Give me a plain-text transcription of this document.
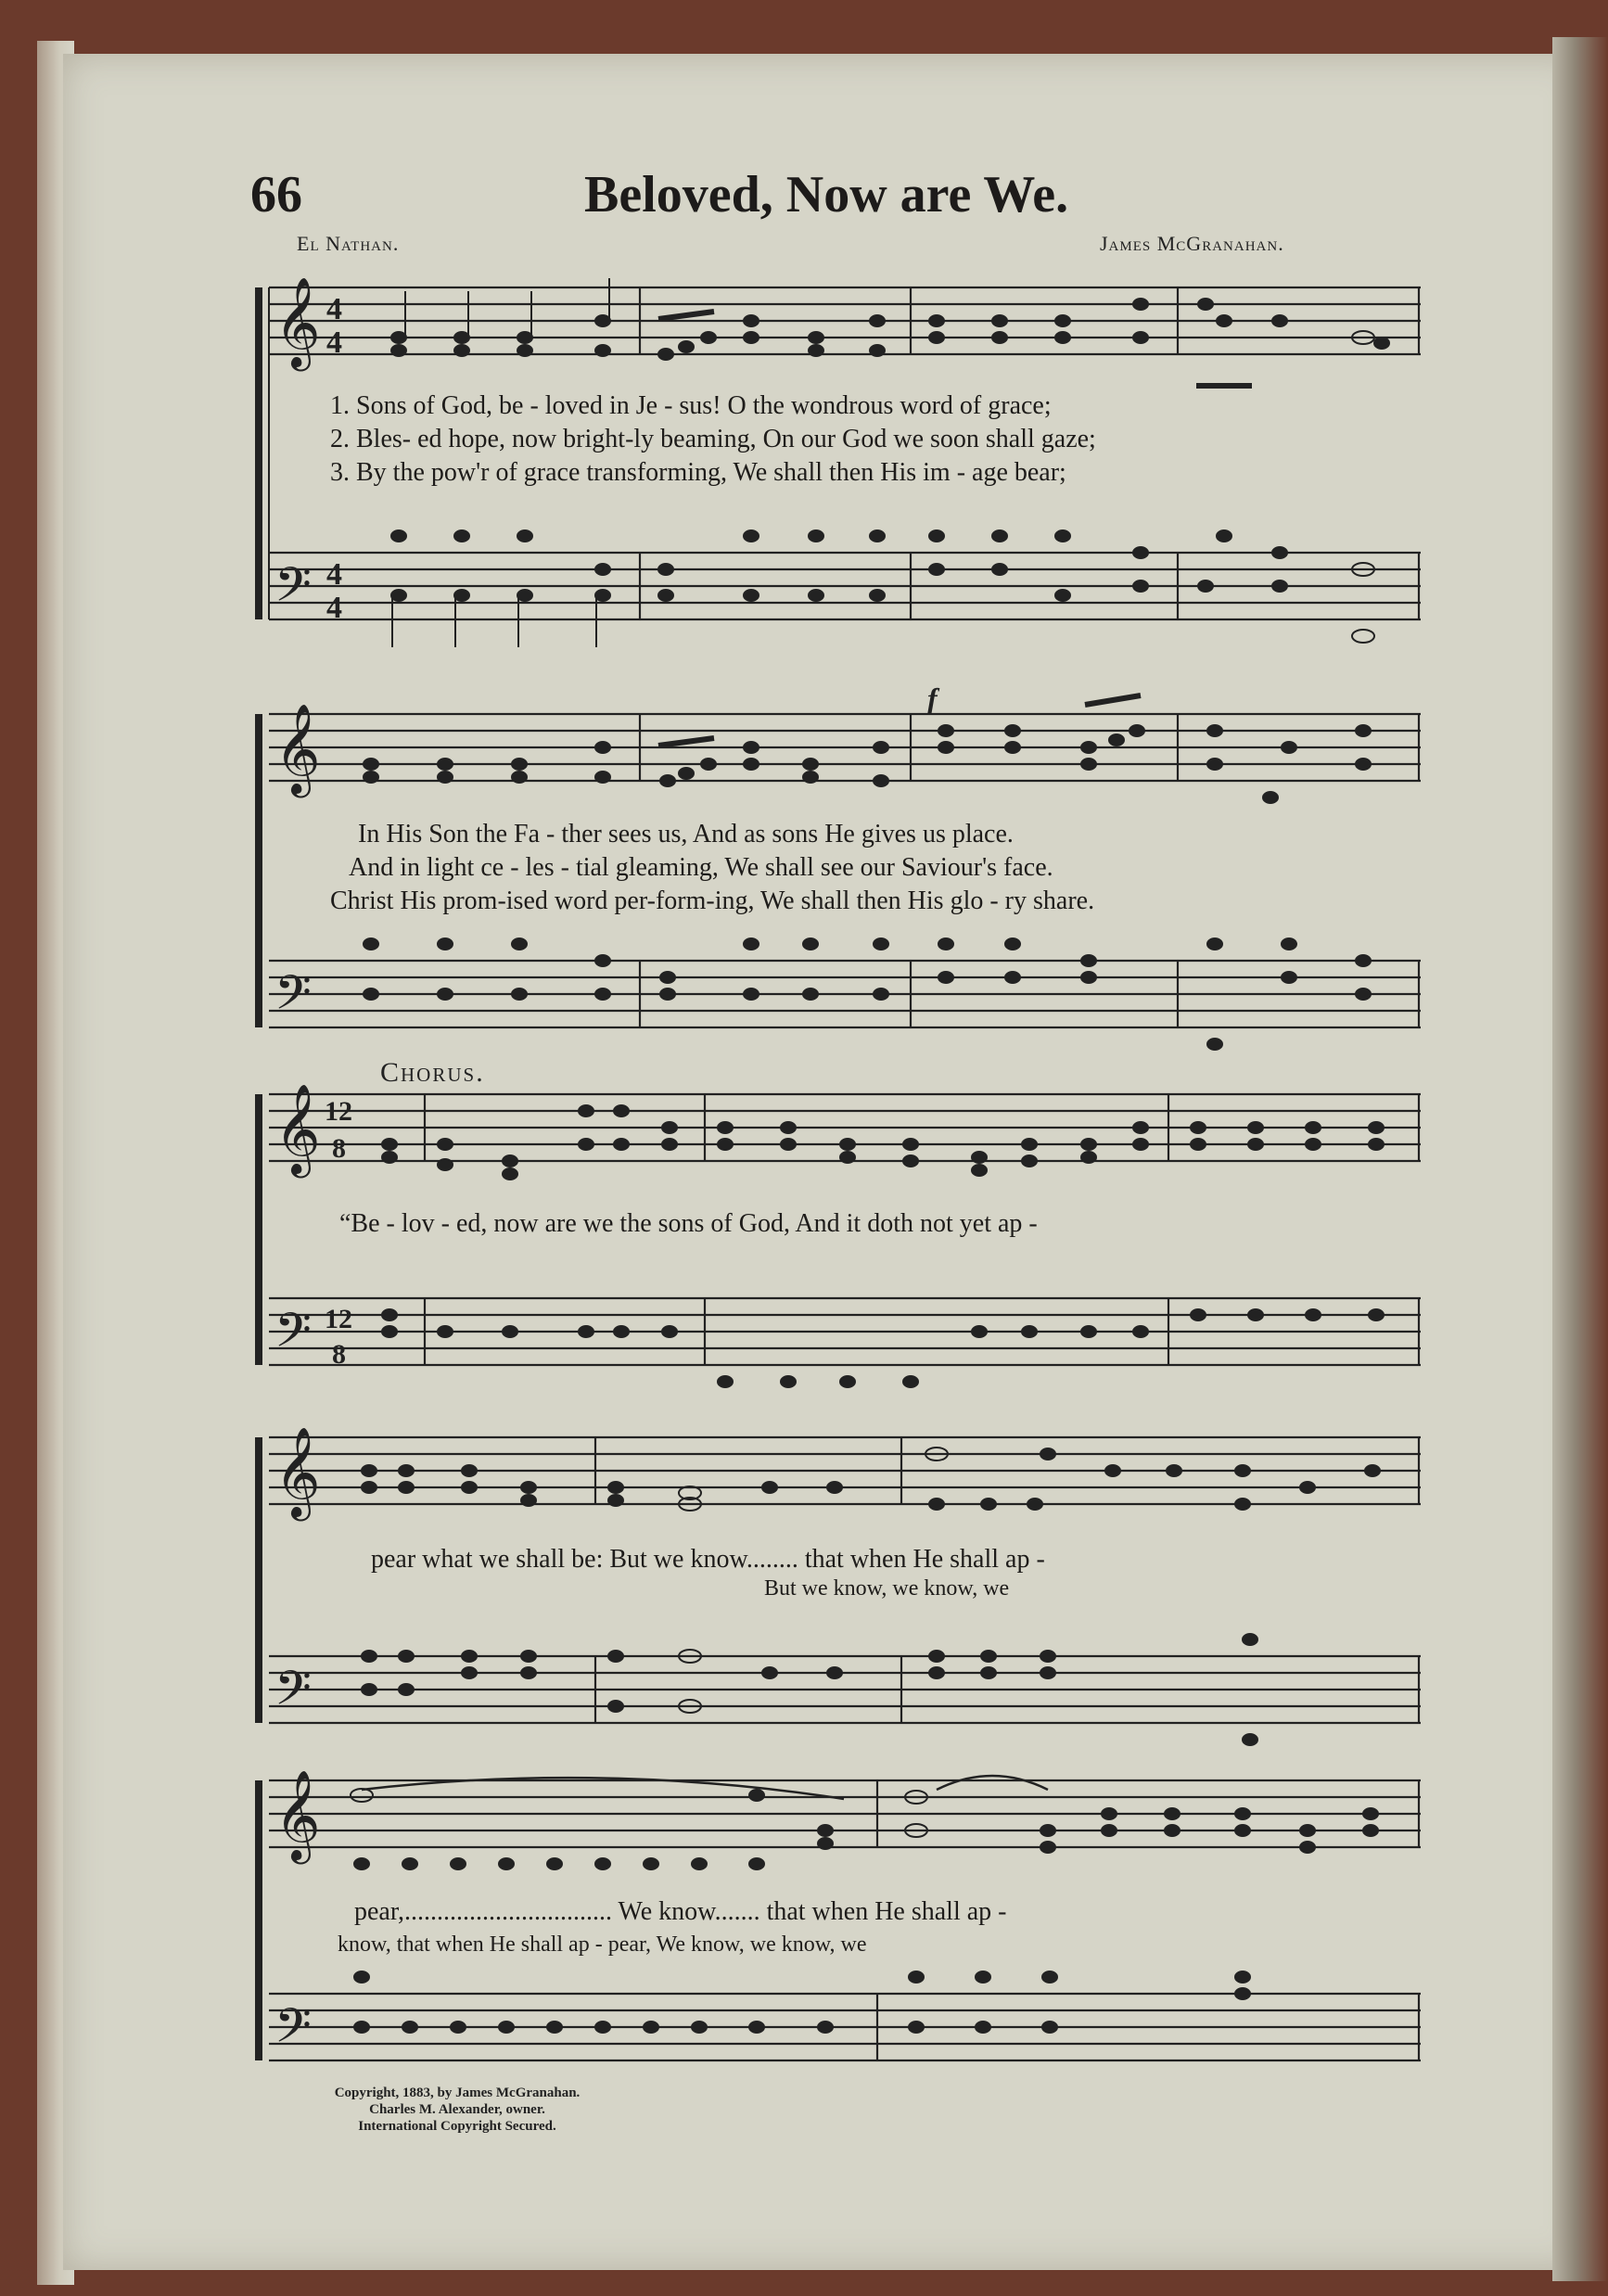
66	Beloved, Now are We.
El Nathan.	James McGranahan.
𝄞
𝄢
4
4
4
4
1. Sons of God, be - loved in Je - sus! O the wondrous word of grace;
2. Bles- ed hope, now bright-ly beaming, On our God we soon shall gaze;
3. By the pow'r of grace transforming, We shall then His im - age bear;
𝄞
𝄢
f
In His Son the Fa - ther sees us, And as sons He gives us place.
And in light ce - les - tial gleaming, We shall see our Saviour's face.
Christ His prom-ised word per-form-ing, We shall then His glo - ry share.
Chorus.
𝄞
𝄢
12
8
12
8
“Be - lov - ed, now are we the sons of God, And it doth not yet ap -
𝄞
𝄢
pear what we shall be: But we know........ that when He shall ap -
But we know, we know, we
𝄞
𝄢
pear,................................ We know....... that when He shall ap -
know, that when He shall ap - pear, We know, we know, we
Copyright, 1883, by James McGranahan.
Charles M. Alexander, owner.
International Copyright Secured.
